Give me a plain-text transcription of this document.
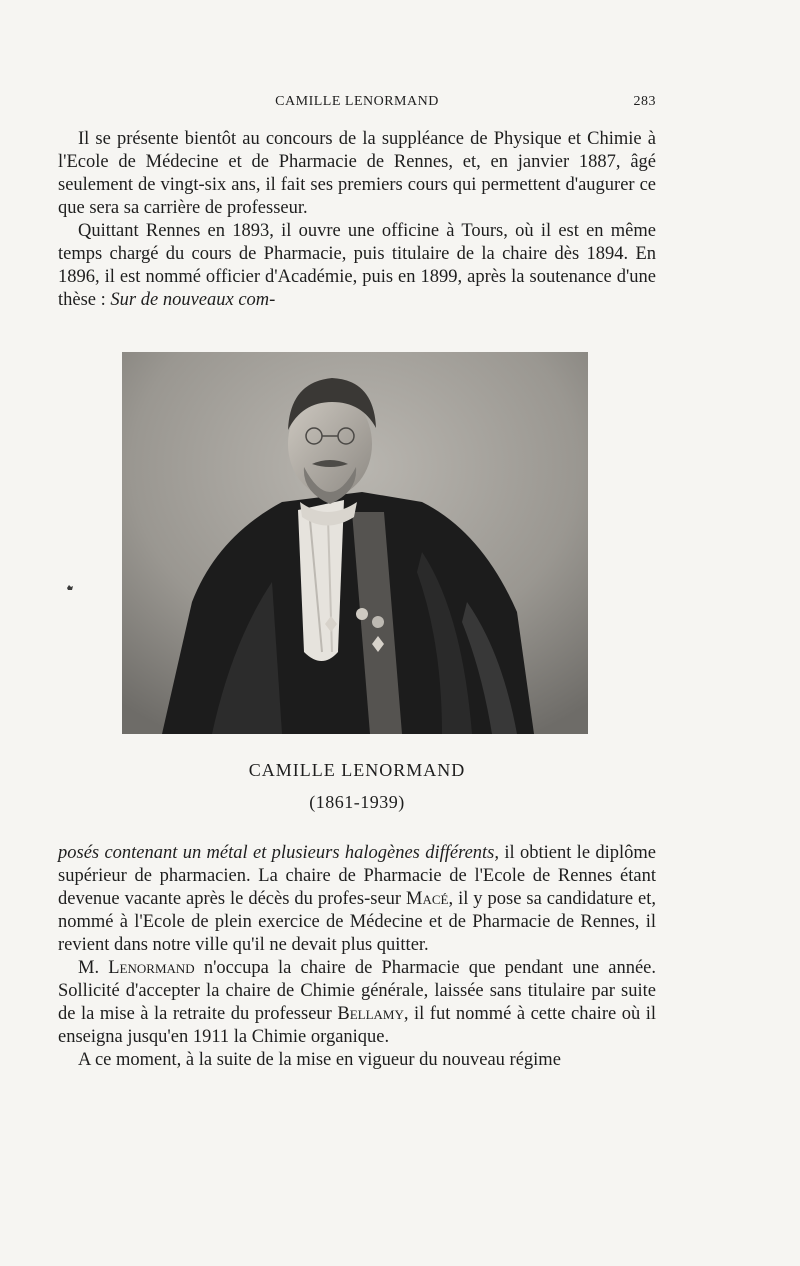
CAMILLE LENORMAND	283

Il se présente bientôt au concours de la suppléance de Physique et Chimie à l'Ecole de Médecine et de Pharmacie de Rennes, et, en janvier 1887, âgé seulement de vingt-six ans, il fait ses premiers cours qui permettent d'augurer ce que sera sa carrière de professeur.

Quittant Rennes en 1893, il ouvre une officine à Tours, où il est en même temps chargé du cours de Pharmacie, puis titulaire de la chaire dès 1894. En 1896, il est nommé officier d'Académie, puis en 1899, après la soutenance d'une thèse : Sur de nouveaux com-

CAMILLE LENORMAND
(1861-1939)

posés contenant un métal et plusieurs halogènes différents, il obtient le diplôme supérieur de pharmacien. La chaire de Pharmacie de l'Ecole de Rennes étant devenue vacante après le décès du profes-seur Macé, il y pose sa candidature et, nommé à l'Ecole de plein exercice de Médecine et de Pharmacie de Rennes, il revient dans notre ville qu'il ne devait plus quitter.

M. Lenormand n'occupa la chaire de Pharmacie que pendant une année. Sollicité d'accepter la chaire de Chimie générale, laissée sans titulaire par suite de la mise à la retraite du professeur Bellamy, il fut nommé à cette chaire où il enseigna jusqu'en 1911 la Chimie organique.

A ce moment, à la suite de la mise en vigueur du nouveau régime
